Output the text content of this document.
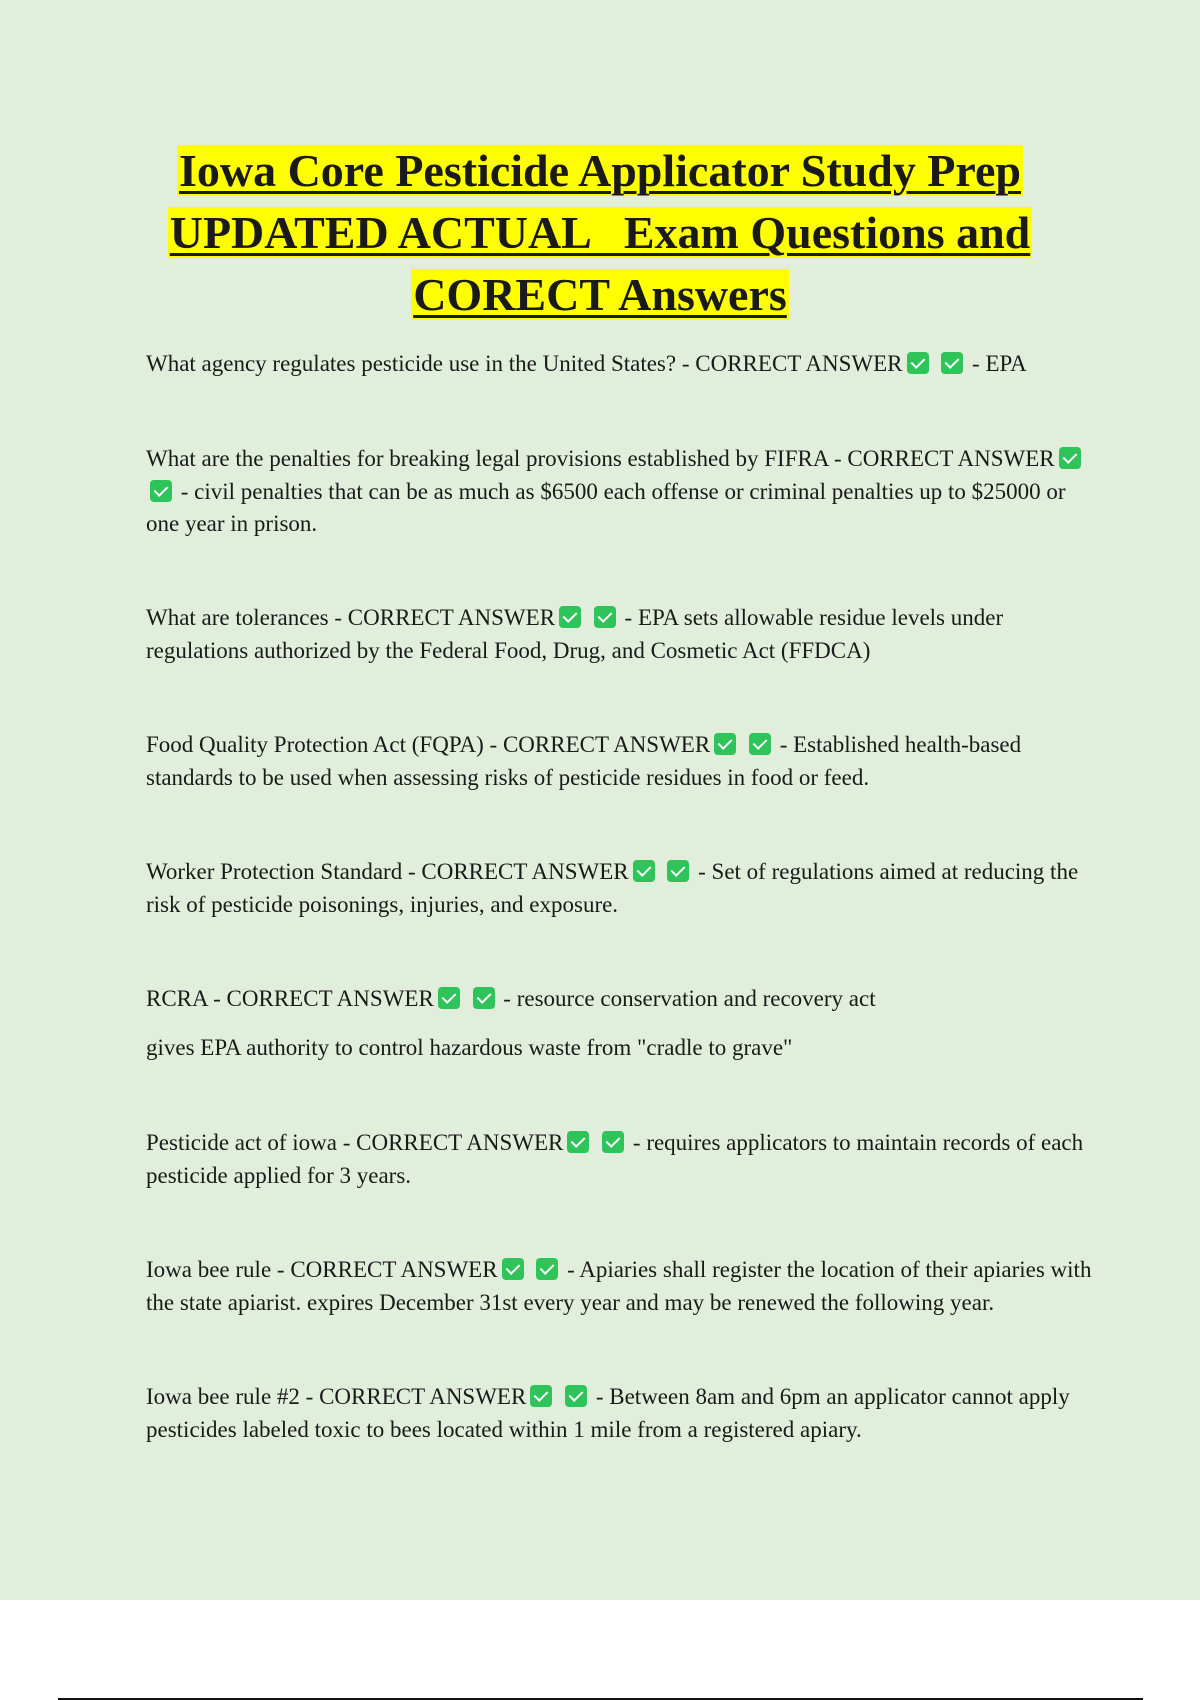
Iowa Core Pesticide Applicator Study Prep
UPDATED ACTUAL   Exam Questions and
CORECT Answers

What agency regulates pesticide use in the United States? - CORRECT ANSWER	- EPA

What are the penalties for breaking legal provisions established by FIFRA - CORRECT ANSWER  - civil penalties that can be as much as $6500 each offense or criminal penalties up to $25000 or one year in prison.

What are tolerances - CORRECT ANSWER	- EPA sets allowable residue levels under regulations authorized by the Federal Food, Drug, and Cosmetic Act (FFDCA)

Food Quality Protection Act (FQPA) - CORRECT ANSWER	- Established health-based standards to be used when assessing risks of pesticide residues in food or feed.

Worker Protection Standard - CORRECT ANSWER	- Set of regulations aimed at reducing the risk of pesticide poisonings, injuries, and exposure.

RCRA - CORRECT ANSWER	- resource conservation and recovery act

gives EPA authority to control hazardous waste from "cradle to grave"

Pesticide act of iowa - CORRECT ANSWER	- requires applicators to maintain records of each pesticide applied for 3 years.

Iowa bee rule - CORRECT ANSWER	- Apiaries shall register the location of their apiaries with the state apiarist. expires December 31st every year and may be renewed the following year.

Iowa bee rule #2 - CORRECT ANSWER	- Between 8am and 6pm an applicator cannot apply pesticides labeled toxic to bees located within 1 mile from a registered apiary.
